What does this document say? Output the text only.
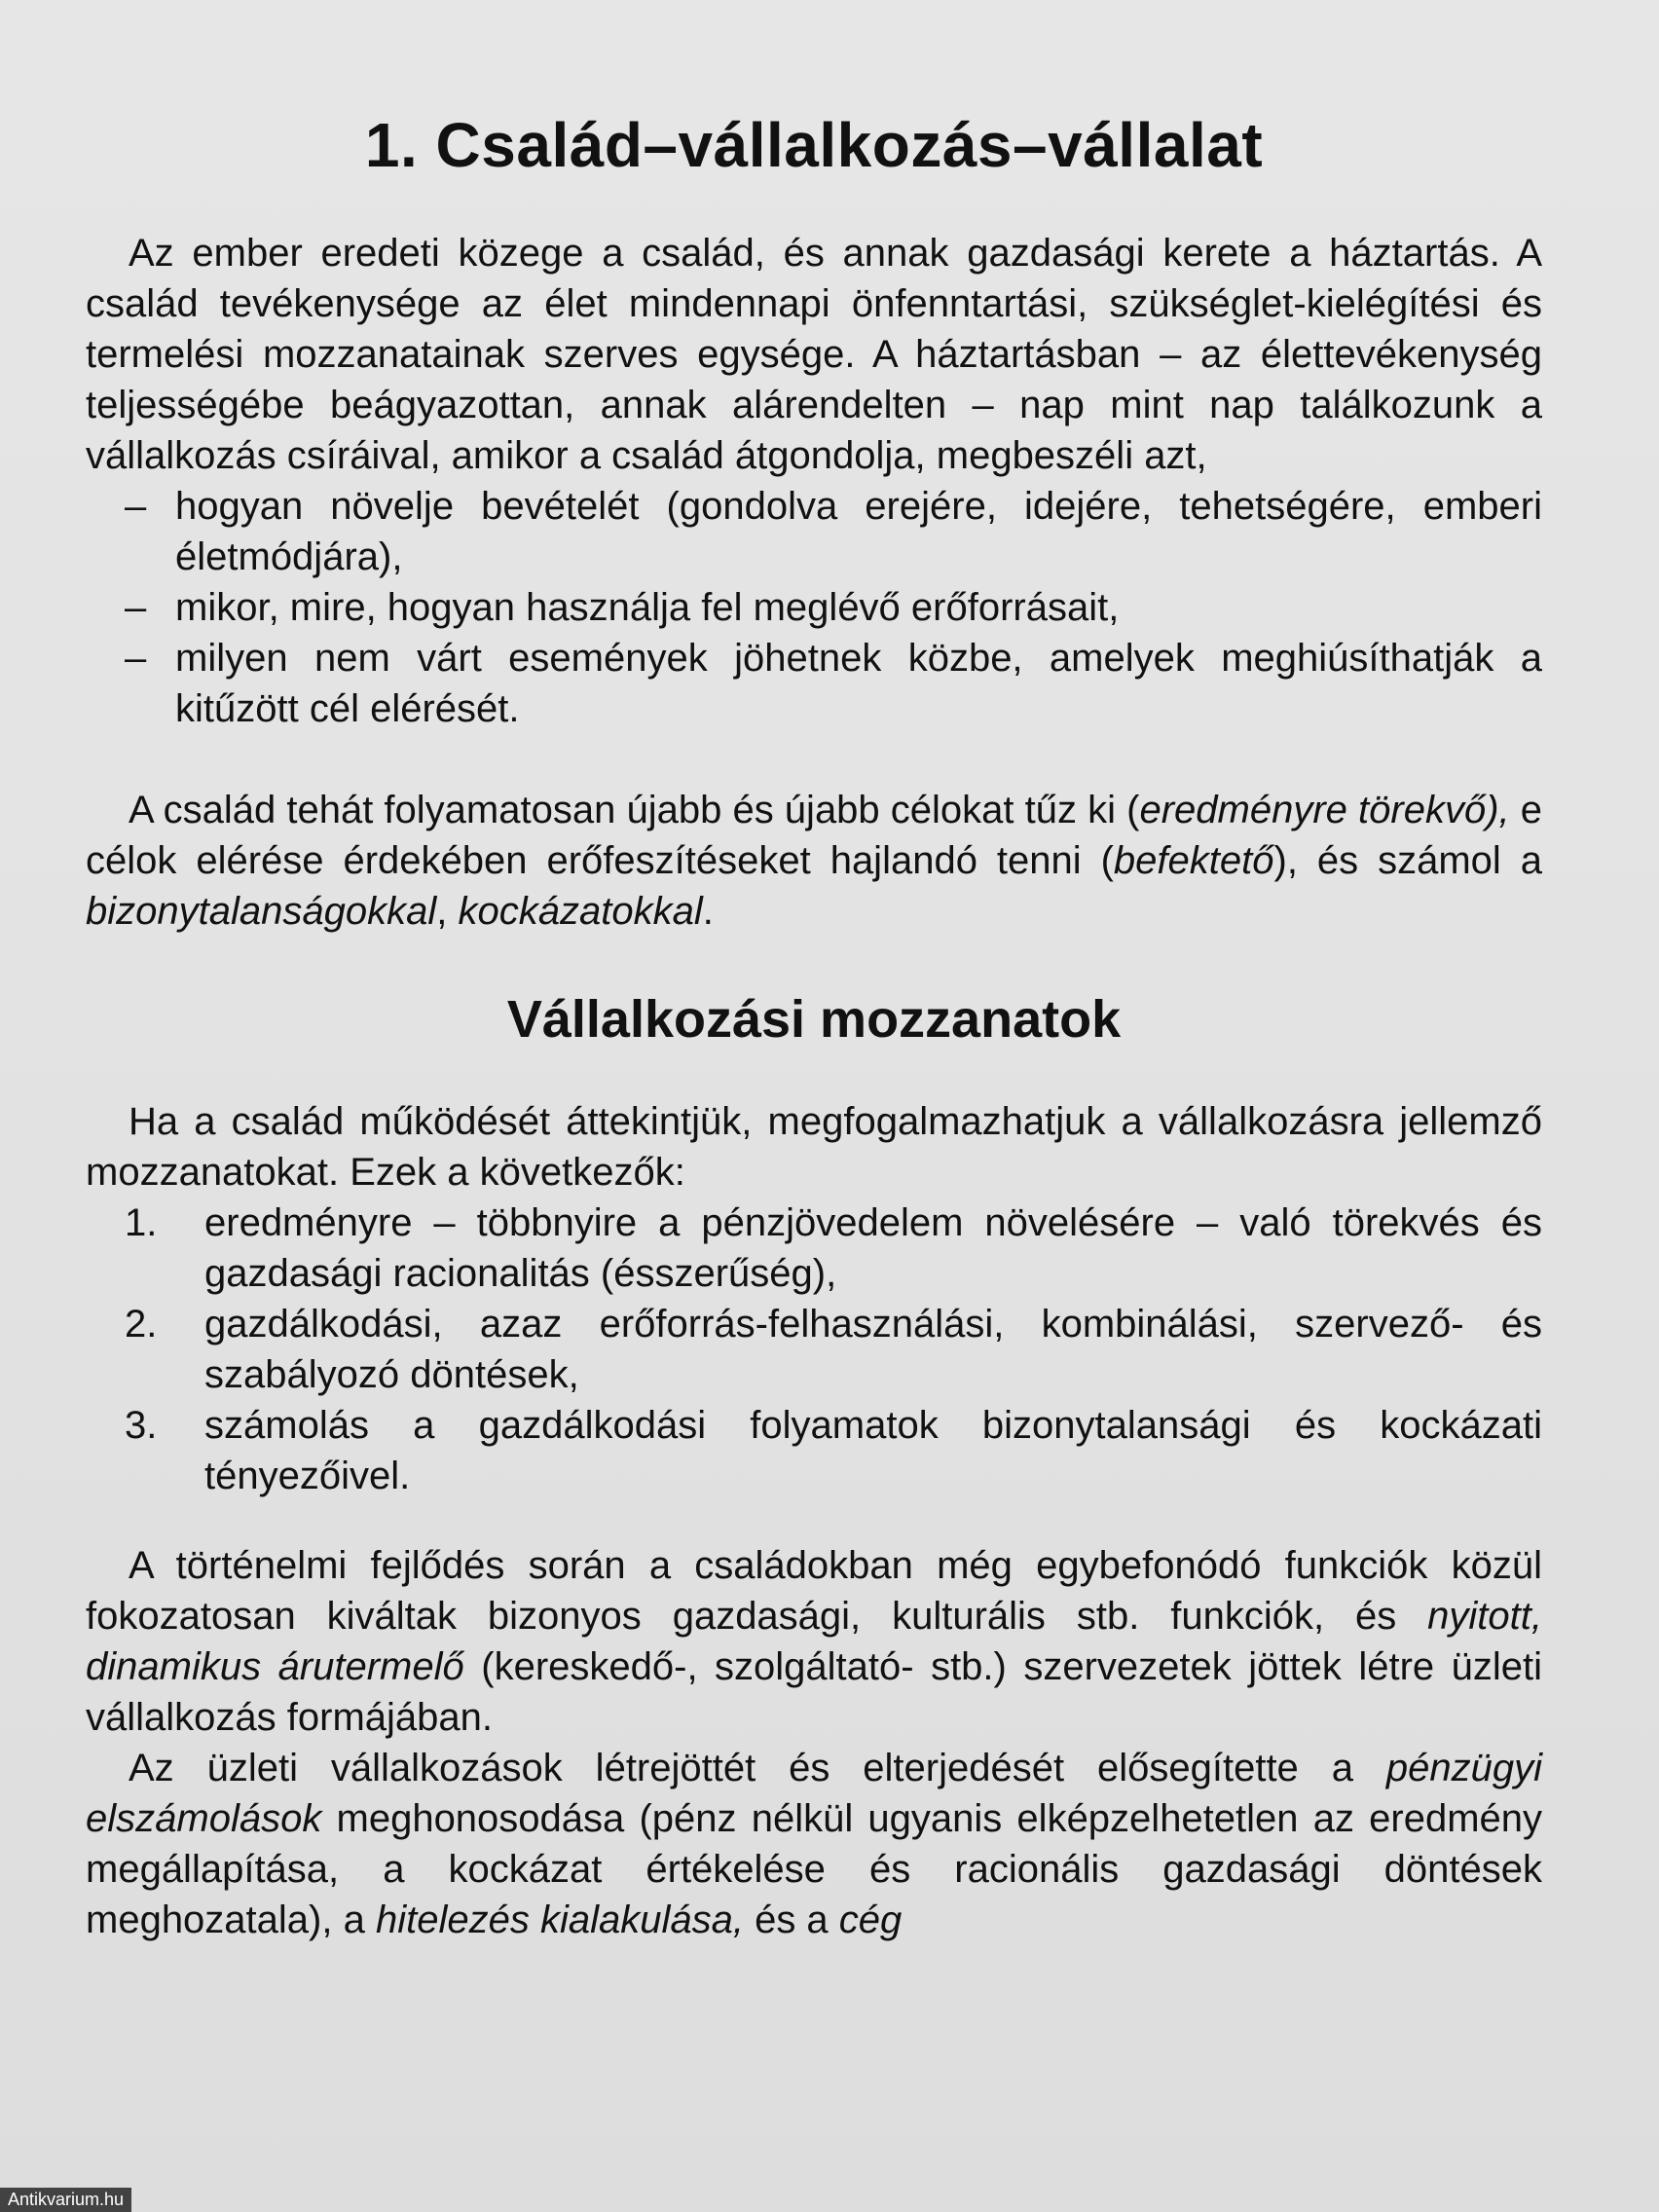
1. Család–vállalkozás–vállalat

Az ember eredeti közege a család, és annak gazdasági kerete a háztartás. A család tevékenysége az élet mindennapi önfenntartási, szükséglet-kielégítési és termelési mozzanatainak szerves egysége. A háztartásban – az élettevékenység teljességébe beágyazottan, annak alárendelten – nap mint nap találkozunk a vállalkozás csíráival, amikor a család átgondolja, megbeszéli azt,

– hogyan növelje bevételét (gondolva erejére, idejére, tehetségére, emberi életmódjára),
– mikor, mire, hogyan használja fel meglévő erőforrásait,
– milyen nem várt események jöhetnek közbe, amelyek meghiúsíthatják a kitűzött cél elérését.

A család tehát folyamatosan újabb és újabb célokat tűz ki (eredményre törekvő), e célok elérése érdekében erőfeszítéseket hajlandó tenni (befektető), és számol a bizonytalanságokkal, kockázatokkal.

Vállalkozási mozzanatok

Ha a család működését áttekintjük, megfogalmazhatjuk a vállalkozásra jellemző mozzanatokat. Ezek a következők:

1. eredményre – többnyire a pénzjövedelem növelésére – való törekvés és gazdasági racionalitás (ésszerűség),
2. gazdálkodási, azaz erőforrás-felhasználási, kombinálási, szervező- és szabályozó döntések,
3. számolás a gazdálkodási folyamatok bizonytalansági és kockázati tényezőivel.

A történelmi fejlődés során a családokban még egybefonódó funkciók közül fokozatosan kiváltak bizonyos gazdasági, kulturális stb. funkciók, és nyitott, dinamikus árutermelő (kereskedő-, szolgáltató- stb.) szervezetek jöttek létre üzleti vállalkozás formájában.

Az üzleti vállalkozások létrejöttét és elterjedését elősegítette a pénzügyi elszámolások meghonosodása (pénz nélkül ugyanis elképzelhetetlen az eredmény megállapítása, a kockázat értékelése és racionális gazdasági döntések meghozatala), a hitelezés kialakulása, és a cég

Antikvarium.hu
